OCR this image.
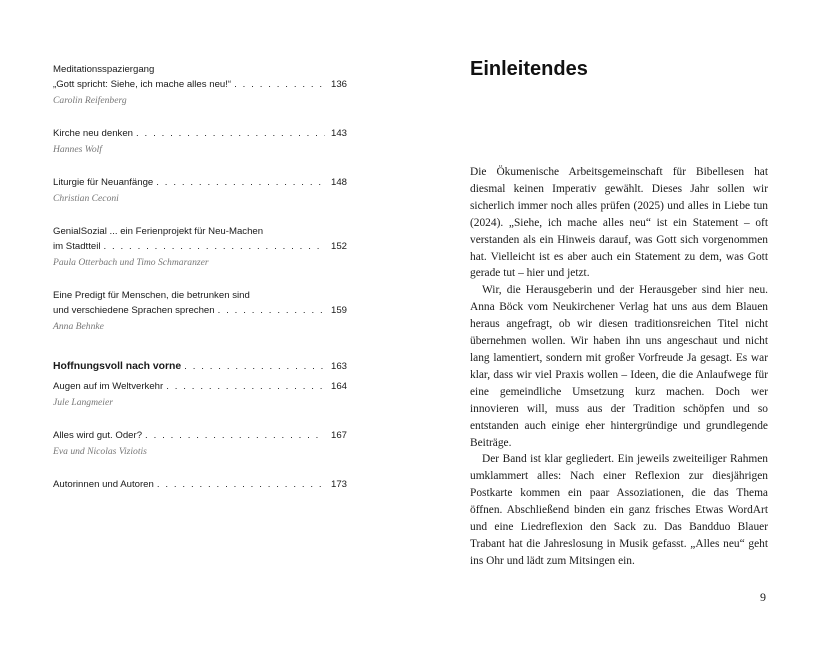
Meditationsspaziergang
„Gott spricht: Siehe, ich mache alles neu!“ . . .	136
Carolin Reifenberg
Kirche neu denken . . .	143
Hannes Wolf
Liturgie für Neuanfänge . . .	148
Christian Ceconi
GenialSozial ... ein Ferienprojekt für Neu-Machen
im Stadtteil . . .	152
Paula Otterbach und Timo Schmaranzer
Eine Predigt für Menschen, die betrunken sind
und verschiedene Sprachen sprechen . . .	159
Anna Behnke
Hoffnungsvoll nach vorne . . .	163
Augen auf im Weltverkehr . . .	164
Jule Langmeier
Alles wird gut. Oder? . . .	167
Eva und Nicolas Viziotis
Autorinnen und Autoren . . .	173
Einleitendes

Die Ökumenische Arbeitsgemeinschaft für Bibellesen hat diesmal keinen Imperativ gewählt. Dieses Jahr sollen wir sicherlich immer noch alles prüfen (2025) und alles in Liebe tun (2024). „Siehe, ich mache alles neu“ ist ein Statement – oft verstanden als ein Hinweis darauf, was Gott sich vorgenommen hat. Vielleicht ist es aber auch ein Statement zu dem, was Gott gerade tut – hier und jetzt.

Wir, die Herausgeberin und der Herausgeber sind hier neu. Anna Böck vom Neukirchener Verlag hat uns aus dem Blauen heraus angefragt, ob wir diesen traditionsreichen Titel nicht übernehmen wollen. Wir haben ihn uns angeschaut und nicht lang lamentiert, sondern mit großer Vorfreude Ja gesagt. Es war klar, dass wir viel Praxis wollen – Ideen, die die Anlaufwege für eine gemeindliche Umsetzung kurz machen. Doch wer innovieren will, muss aus der Tradition schöpfen und so entstanden auch einige eher hintergründige und grundlegende Beiträge.

Der Band ist klar gegliedert. Ein jeweils zweiteiliger Rahmen umklammert alles: Nach einer Reflexion zur diesjährigen Postkarte kommen ein paar Assoziationen, die das Thema öffnen. Abschließend binden ein ganz frisches Etwas WordArt und eine Liedreflexion den Sack zu. Das Bandduo Blauer Trabant hat die Jahreslosung in Musik gefasst. „Alles neu“ geht ins Ohr und lädt zum Mitsingen ein.

9
